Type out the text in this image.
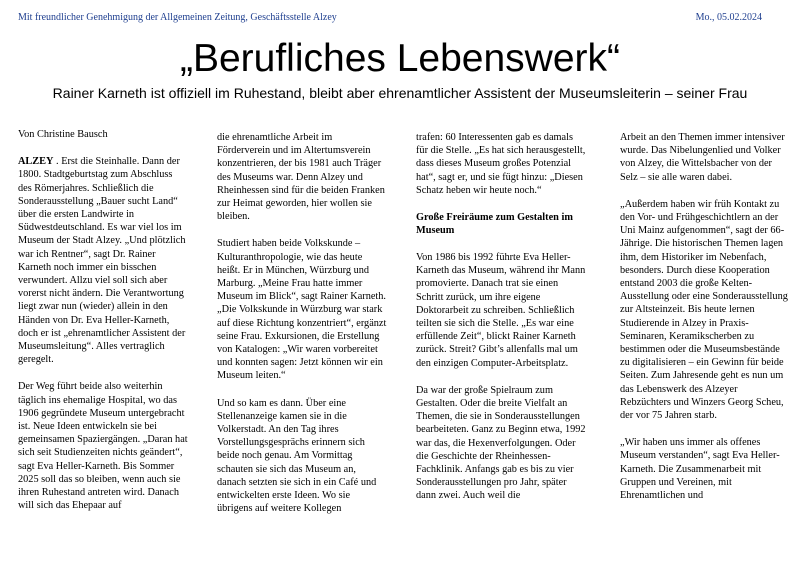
Mit freundlicher Genehmigung der Allgemeinen Zeitung, Geschäftsstelle Alzey	Mo., 05.02.2024
„Berufliches Lebenswerk“
Rainer Karneth ist offiziell im Ruhestand, bleibt aber ehrenamtlicher Assistent der Museumsleiterin – seiner Frau

Von Christine Bausch

ALZEY . Erst die Steinhalle. Dann der 1800. Stadtgeburtstag zum Abschluss des Römerjahres. Schließlich die Sonderausstellung „Bauer sucht Land“ über die ersten Landwirte in Südwestdeutschland. Es war viel los im Museum der Stadt Alzey. „Und plötzlich war ich Rentner“, sagt Dr. Rainer Karneth noch immer ein bisschen verwundert. Allzu viel soll sich aber vorerst nicht ändern. Die Verantwortung liegt zwar nun (wieder) allein in den Händen von Dr. Eva Heller-Karneth, doch er ist „ehrenamtlicher Assistent der Museumsleitung“. Alles vertraglich geregelt.

Der Weg führt beide also weiterhin täglich ins ehemalige Hospital, wo das 1906 gegründete Museum untergebracht ist. Neue Ideen entwickeln sie bei gemeinsamen Spaziergängen. „Daran hat sich seit Studienzeiten nichts geändert“, sagt Eva Heller-Karneth. Bis Sommer 2025 soll das so bleiben, wenn auch sie ihren Ruhestand antreten wird. Danach will sich das Ehepaar auf

die ehrenamtliche Arbeit im Förderverein und im Altertumsverein konzentrieren, der bis 1981 auch Träger des Museums war. Denn Alzey und Rheinhessen sind für die beiden Franken zur Heimat geworden, hier wollen sie bleiben.

Studiert haben beide Volkskunde – Kulturanthropologie, wie das heute heißt. Er in München, Würzburg und Marburg. „Meine Frau hatte immer Museum im Blick“, sagt Rainer Karneth. „Die Volkskunde in Würzburg war stark auf diese Richtung konzentriert“, ergänzt seine Frau. Exkursionen, die Erstellung von Katalogen: „Wir waren vorbereitet und konnten sagen: Jetzt können wir ein Museum leiten.“

Und so kam es dann. Über eine Stellenanzeige kamen sie in die Volkerstadt. An den Tag ihres Vorstellungsgesprächs erinnern sich beide noch genau. Am Vormittag schauten sie sich das Museum an, danach setzten sie sich in ein Café und entwickelten erste Ideen. Wo sie übrigens auf weitere Kollegen

trafen: 60 Interessenten gab es damals für die Stelle. „Es hat sich herausgestellt, dass dieses Museum großes Potenzial hat“, sagt er, und sie fügt hinzu: „Diesen Schatz heben wir heute noch.“

Große Freiräume zum Gestalten im Museum

Von 1986 bis 1992 führte Eva Heller-Karneth das Museum, während ihr Mann promovierte. Danach trat sie einen Schritt zurück, um ihre eigene Doktorarbeit zu schreiben. Schließlich teilten sie sich die Stelle. „Es war eine erfüllende Zeit“, blickt Rainer Karneth zurück. Streit? Gibt’s allenfalls mal um den einzigen Computer-Arbeitsplatz.

Da war der große Spielraum zum Gestalten. Oder die breite Vielfalt an Themen, die sie in Sonderausstellungen bearbeiteten. Ganz zu Beginn etwa, 1992 war das, die Hexenverfolgungen. Oder die Geschichte der Rheinhessen-Fachklinik. Anfangs gab es bis zu vier Sonderausstellungen pro Jahr, später dann zwei. Auch weil die

Arbeit an den Themen immer intensiver wurde. Das Nibelungenlied und Volker von Alzey, die Wittelsbacher von der Selz – sie alle waren dabei.

„Außerdem haben wir früh Kontakt zu den Vor- und Frühgeschichtlern an der Uni Mainz aufgenommen“, sagt der 66-Jährige. Die historischen Themen lagen ihm, dem Historiker im Nebenfach, besonders. Durch diese Kooperation entstand 2003 die große Kelten-Ausstellung oder eine Sonderausstellung zur Altsteinzeit. Bis heute lernen Studierende in Alzey in Praxis-Seminaren, Keramikscherben zu bestimmen oder die Museumsbestände zu digitalisieren – ein Gewinn für beide Seiten. Zum Jahresende geht es nun um das Lebenswerk des Alzeyer Rebzüchters und Winzers Georg Scheu, der vor 75 Jahren starb.

„Wir haben uns immer als offenes Museum verstanden“, sagt Eva Heller-Karneth. Die Zusammenarbeit mit Gruppen und Vereinen, mit Ehrenamtlichen und
